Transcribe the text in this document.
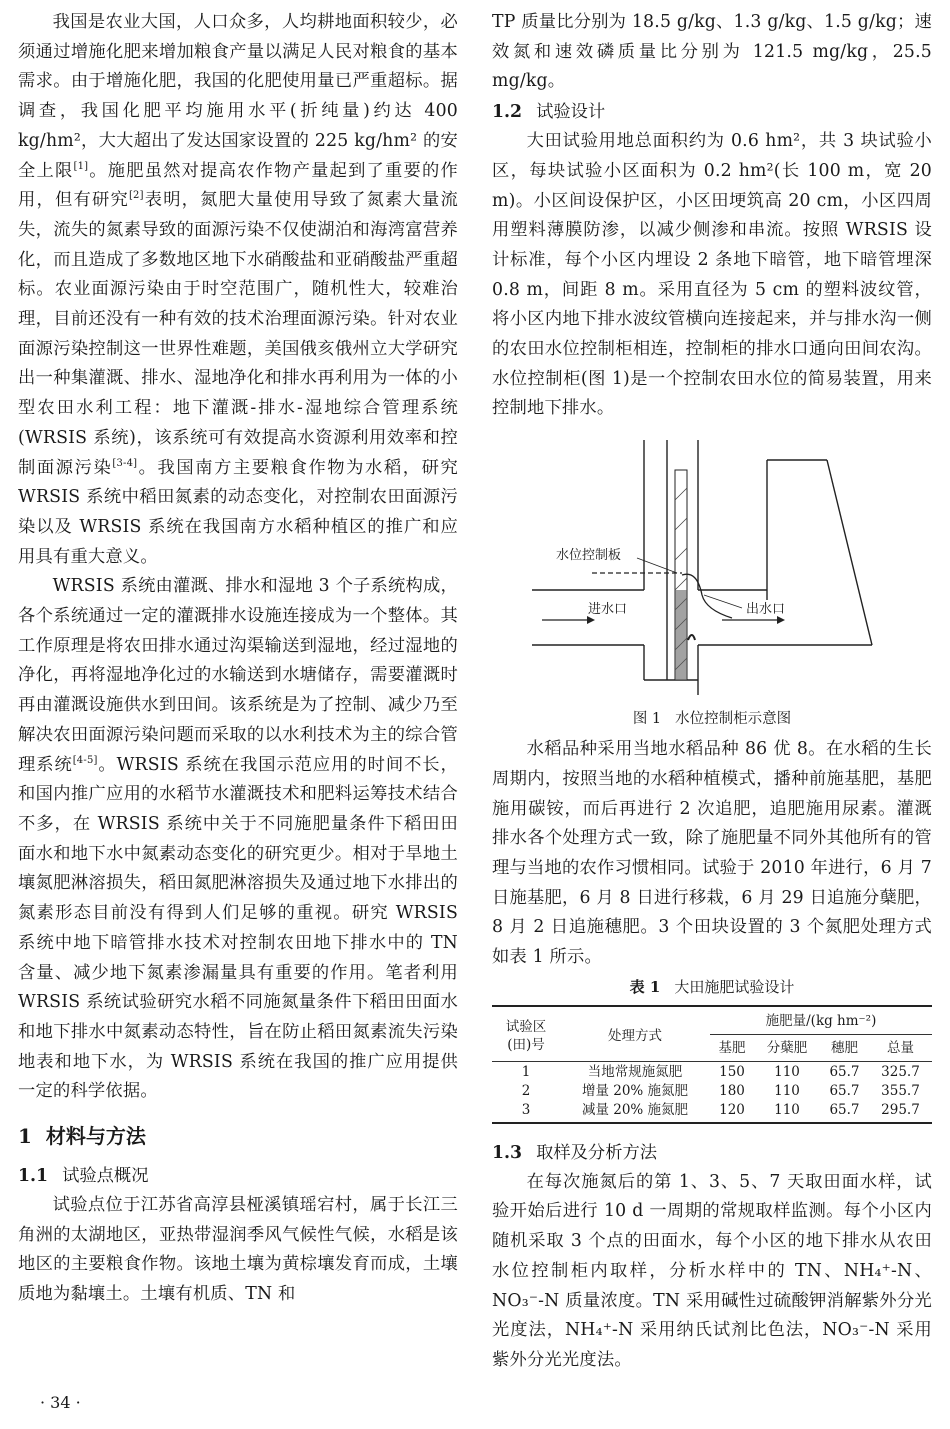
我国是农业大国，人口众多，人均耕地面积较少，必须通过增施化肥来增加粮食产量以满足人民对粮食的基本需求。由于增施化肥，我国的化肥使用量已严重超标。据调查，我国化肥平均施用水平(折纯量)约达 400 kg/hm²，大大超出了发达国家设置的 225 kg/hm² 的安全上限[1]。施肥虽然对提高农作物产量起到了重要的作用，但有研究[2]表明，氮肥大量使用导致了氮素大量流失，流失的氮素导致的面源污染不仅使湖泊和海湾富营养化，而且造成了多数地区地下水硝酸盐和亚硝酸盐严重超标。农业面源污染由于时空范围广，随机性大，较难治理，目前还没有一种有效的技术治理面源污染。针对农业面源污染控制这一世界性难题，美国俄亥俄州立大学研究出一种集灌溉、排水、湿地净化和排水再利用为一体的小型农田水利工程：地下灌溉-排水-湿地综合管理系统(WRSIS 系统)，该系统可有效提高水资源利用效率和控制面源污染[3-4]。我国南方主要粮食作物为水稻，研究 WRSIS 系统中稻田氮素的动态变化，对控制农田面源污染以及 WRSIS 系统在我国南方水稻种植区的推广和应用具有重大意义。

WRSIS 系统由灌溉、排水和湿地 3 个子系统构成，各个系统通过一定的灌溉排水设施连接成为一个整体。其工作原理是将农田排水通过沟渠输送到湿地，经过湿地的净化，再将湿地净化过的水输送到水塘储存，需要灌溉时再由灌溉设施供水到田间。该系统是为了控制、减少乃至解决农田面源污染问题而采取的以水利技术为主的综合管理系统[4-5]。WRSIS 系统在我国示范应用的时间不长，和国内推广应用的水稻节水灌溉技术和肥料运筹技术结合不多，在 WRSIS 系统中关于不同施肥量条件下稻田田面水和地下水中氮素动态变化的研究更少。相对于旱地土壤氮肥淋溶损失，稻田氮肥淋溶损失及通过地下水排出的氮素形态目前没有得到人们足够的重视。研究 WRSIS 系统中地下暗管排水技术对控制农田地下排水中的 TN 含量、减少地下氮素渗漏量具有重要的作用。笔者利用 WRSIS 系统试验研究水稻不同施氮量条件下稻田田面水和地下排水中氮素动态特性，旨在防止稻田氮素流失污染地表和地下水，为 WRSIS 系统在我国的推广应用提供一定的科学依据。

1 材料与方法
1.1 试验点概况

试验点位于江苏省高淳县桠溪镇瑶宕村，属于长江三角洲的太湖地区，亚热带湿润季风气候性气候，水稻是该地区的主要粮食作物。该地土壤为黄棕壤发育而成，土壤质地为黏壤土。土壤有机质、TN 和

· 34 ·

TP 质量比分别为 18.5 g/kg、1.3 g/kg、1.5 g/kg；速效氮和速效磷质量比分别为 121.5 mg/kg，25.5 mg/kg。

1.2 试验设计

大田试验用地总面积约为 0.6 hm²，共 3 块试验小区，每块试验小区面积为 0.2 hm²(长 100 m，宽 20 m)。小区间设保护区，小区田埂筑高 20 cm，小区四周用塑料薄膜防渗，以减少侧渗和串流。按照 WRSIS 设计标准，每个小区内埋设 2 条地下暗管，地下暗管埋深 0.8 m，间距 8 m。采用直径为 5 cm 的塑料波纹管，将小区内地下排水波纹管横向连接起来，并与排水沟一侧的农田水位控制柜相连，控制柜的排水口通向田间农沟。水位控制柜(图 1)是一个控制农田水位的简易装置，用来控制地下排水。

水位控制板
进水口	出水口
图 1 水位控制柜示意图

水稻品种采用当地水稻品种 86 优 8。在水稻的生长周期内，按照当地的水稻种植模式，播种前施基肥，基肥施用碳铵，而后再进行 2 次追肥，追肥施用尿素。灌溉排水各个处理方式一致，除了施肥量不同外其他所有的管理与当地的农作习惯相同。试验于 2010 年进行，6 月 7 日施基肥，6 月 8 日进行移栽，6 月 29 日追施分蘖肥，8 月 2 日追施穗肥。3 个田块设置的 3 个氮肥处理方式如表 1 所示。

表 1 大田施肥试验设计
试验区
(田)号	处理方式	施肥量/(kg hm⁻²)			
		基肥	分蘖肥	穗肥	总量
1	当地常规施氮肥	150	110	65.7	325.7
2	增量 20% 施氮肥	180	110	65.7	355.7
3	减量 20% 施氮肥	120	110	65.7	295.7
1.3 取样及分析方法

在每次施氮后的第 1、3、5、7 天取田面水样，试验开始后进行 10 d 一周期的常规取样监测。每个小区内随机采取 3 个点的田面水，每个小区的地下排水从农田水位控制柜内取样，分析水样中的 TN、NH₄⁺-N、NO₃⁻-N 质量浓度。TN 采用碱性过硫酸钾消解紫外分光光度法，NH₄⁺-N 采用纳氏试剂比色法，NO₃⁻-N 采用紫外分光光度法。
